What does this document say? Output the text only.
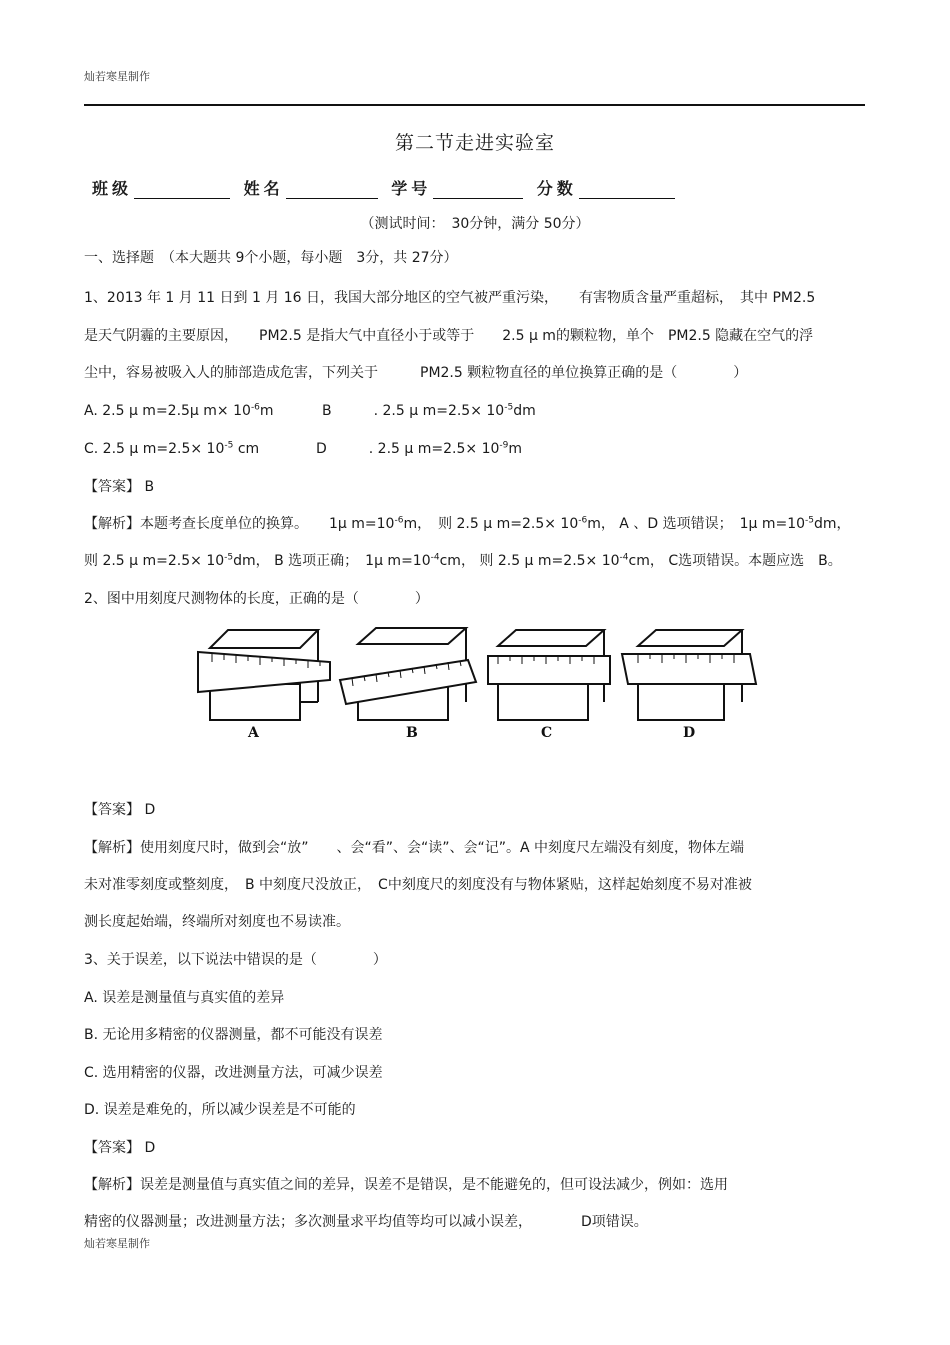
灿若寒星制作
第二节走进实验室
班级	姓名	学号	分数
（测试时间：　30分钟，满分 50分）
一、选择题　（本大题共 9个小题，每小题　3分，共 27分）
1、2013 年 1 月 11 日到 1 月 16 日，我国大部分地区的空气被严重污染，　　有害物质含量严重超标，　其中 PM2.5
是天气阴霾的主要原因，　　PM2.5 是指大气中直径小于或等于　　2.5 μ m的颗粒物，单个　PM2.5 隐藏在空气的浮
尘中，容易被吸入人的肺部造成危害，下列关于　　　PM2.5 颗粒物直径的单位换算正确的是（　　　　）
A. 2.5 μ m=2.5μ $m\times 10^{-6}m$	B　　　. 2.5 μ $m=2.5\times 10^{-5}dm$
C. 2.5 μ $m=2.5\times 10^{-5}$ cm	D　　　. 2.5 μ $m=2.5\times 10^{-9}m$
【答案】 B
【解析】本题考查长度单位的换算。　　1μ $m=10^{-6}m$，　则 2.5 μ $m=2.5\times 10^{-6}m$， A 、D 选项错误；　1μ $m=10^{-5}dm$，
则 2.5 μ $m=2.5\times 10^{-5}dm$， B 选项正确；　1μ $m=10^{-4}cm$， 则 2.5 μ $m=2.5\times 10^{-4}cm$， C选项错误。本题应选　B。
2、图中用刻度尺测物体的长度，正确的是（　　　　）
A	B	C	D
【答案】 D
【解析】使用刻度尺时，做到会“放”　　、会“看”、会“读”、会“记”。A 中刻度尺左端没有刻度，物体左端
未对准零刻度或整刻度，　B 中刻度尺没放正，　C中刻度尺的刻度没有与物体紧贴，这样起始刻度不易对准被
测长度起始端，终端所对刻度也不易读准。
3、关于误差，以下说法中错误的是（　　　　）
A. 误差是测量值与真实值的差异
B. 无论用多精密的仪器测量，都不可能没有误差
C. 选用精密的仪器，改进测量方法，可减少误差
D. 误差是难免的，所以减少误差是不可能的
【答案】 D
【解析】误差是测量值与真实值之间的差异，误差不是错误，是不能避免的，但可设法减少，例如：选用
精密的仪器测量；改进测量方法；多次测量求平均值等均可以减小误差，　　　　D项错误。
灿若寒星制作
